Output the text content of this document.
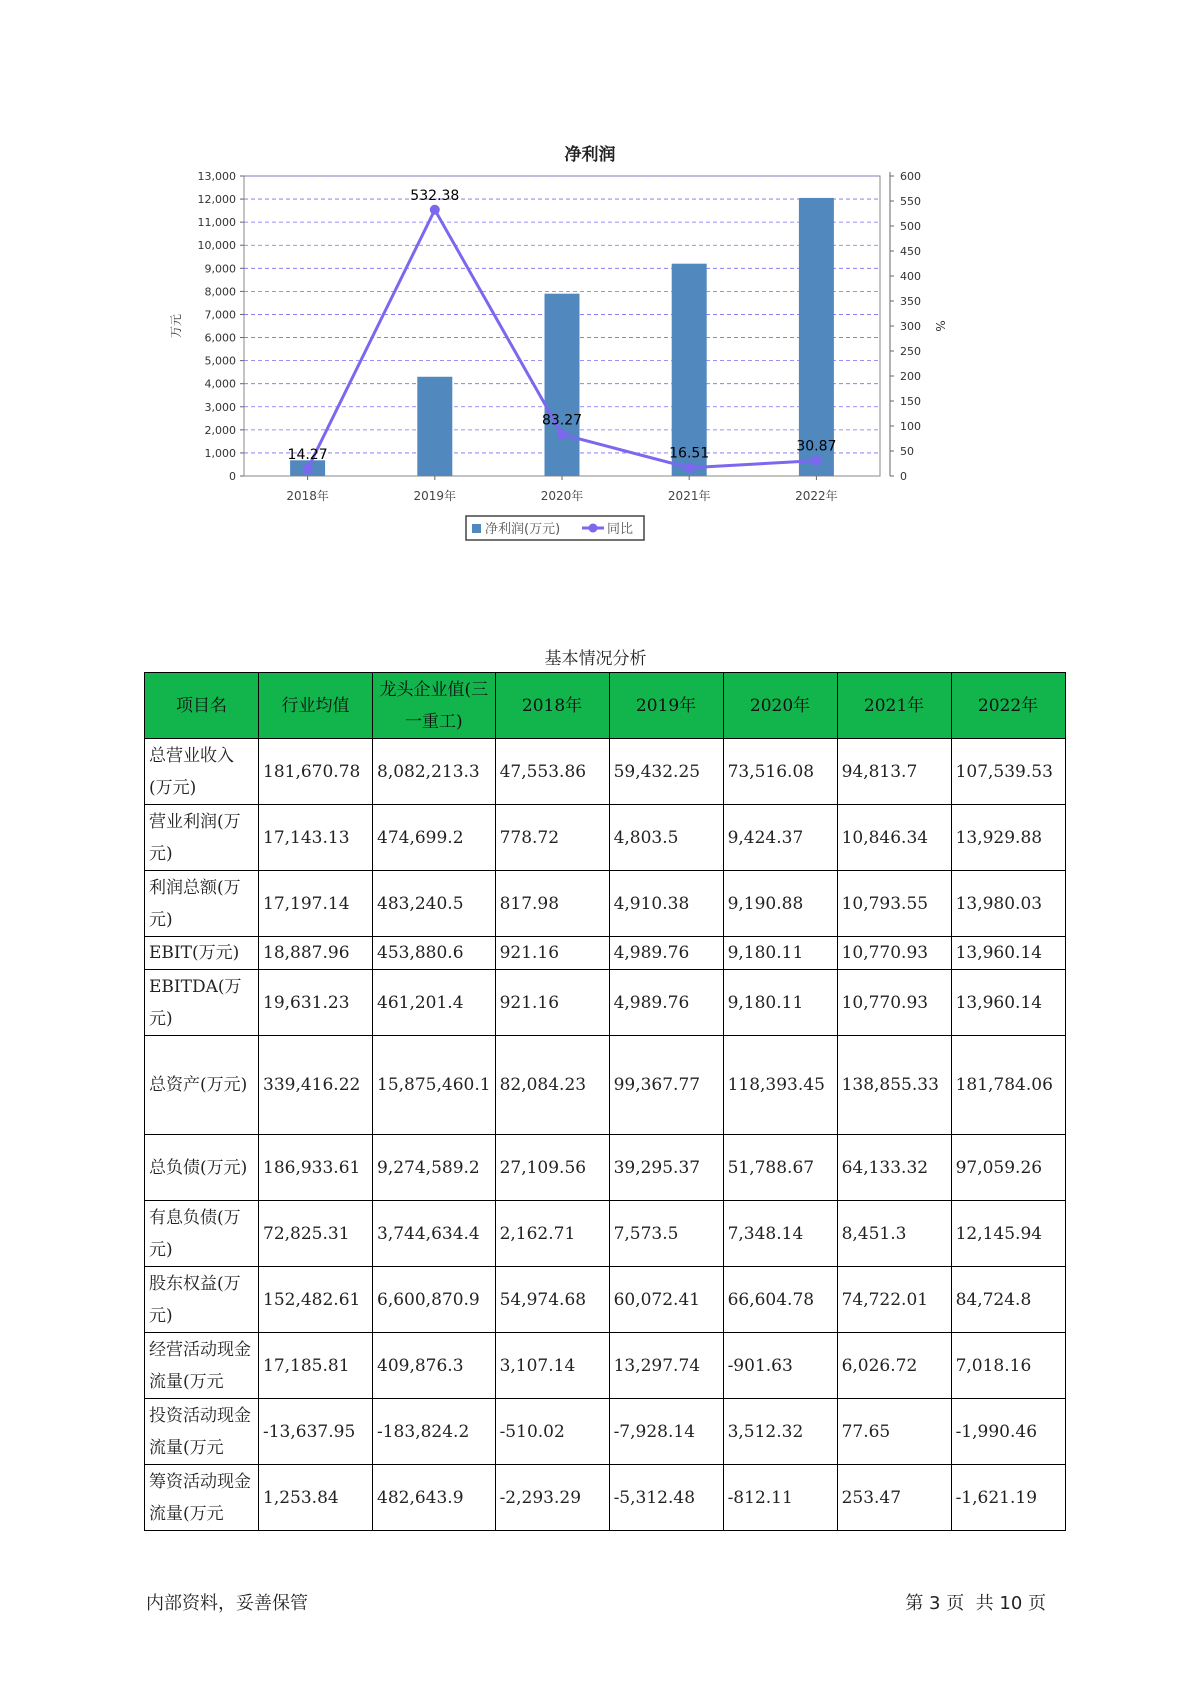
净利润
0
1,000
2,000
3,000
4,000
5,000
6,000
7,000
8,000
9,000
10,000
11,000
12,000
13,000
0
50
100
150
200
250
300
350
400
450
500
550
600
万元	%
2018年	2019年	2020年	2021年	2022年
14.27
532.38
83.27
16.51	30.87
净利润(万元)	同比
基本情况分析
项目名	行业均值	龙头企业值(三一重工)	2018年	2019年	2020年	2021年	2022年
总营业收入(万元)	181,670.78	8,082,213.3	47,553.86	59,432.25	73,516.08	94,813.7	107,539.53
营业利润(万元)	17,143.13	474,699.2	778.72	4,803.5	9,424.37	10,846.34	13,929.88
利润总额(万元)	17,197.14	483,240.5	817.98	4,910.38	9,190.88	10,793.55	13,980.03
EBIT(万元)	18,887.96	453,880.6	921.16	4,989.76	9,180.11	10,770.93	13,960.14
EBITDA(万元)	19,631.23	461,201.4	921.16	4,989.76	9,180.11	10,770.93	13,960.14
总资产(万元)	339,416.22	15,875,460.1	82,084.23	99,367.77	118,393.45	138,855.33	181,784.06
总负债(万元)	186,933.61	9,274,589.2	27,109.56	39,295.37	51,788.67	64,133.32	97,059.26
有息负债(万元)	72,825.31	3,744,634.4	2,162.71	7,573.5	7,348.14	8,451.3	12,145.94
股东权益(万元)	152,482.61	6,600,870.9	54,974.68	60,072.41	66,604.78	74,722.01	84,724.8
经营活动现金流量(万元	17,185.81	409,876.3	3,107.14	13,297.74	-901.63	6,026.72	7,018.16
投资活动现金流量(万元	-13,637.95	-183,824.2	-510.02	-7,928.14	3,512.32	77.65	-1,990.46
筹资活动现金流量(万元	1,253.84	482,643.9	-2,293.29	-5,312.48	-812.11	253.47	-1,621.19
内部资料，妥善保管	第 3 页  共 10 页
